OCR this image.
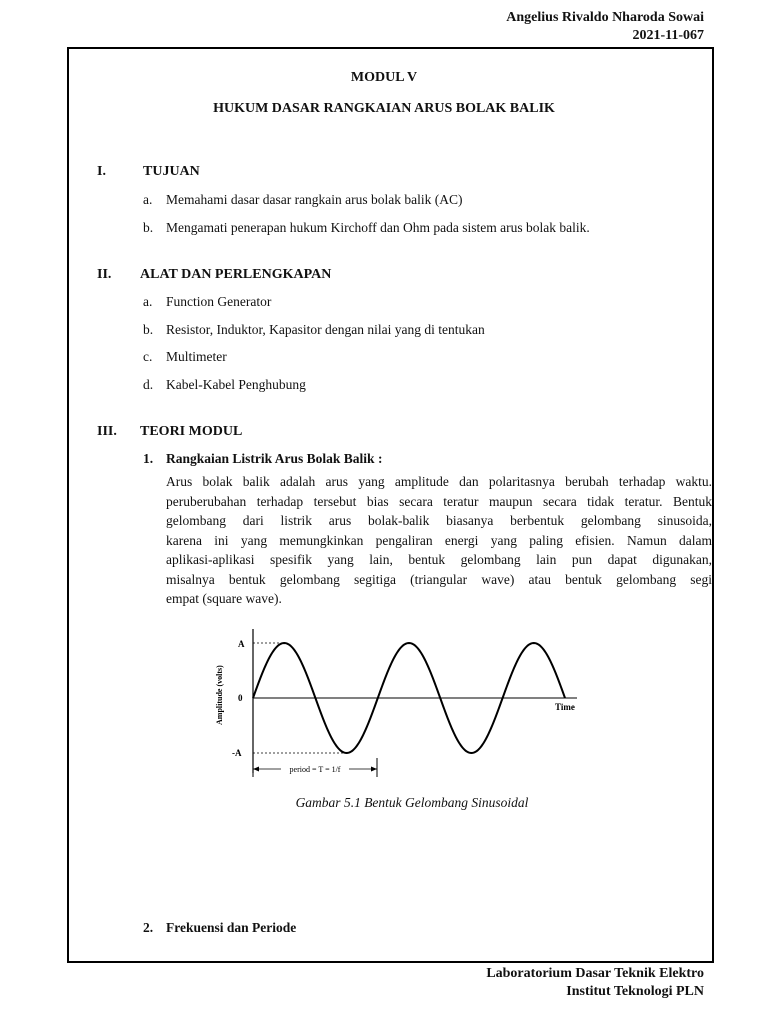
Angelius Rivaldo Nharoda Sowai
2021-11-067
MODUL V
HUKUM DASAR RANGKAIAN ARUS BOLAK BALIK
I.	TUJUAN
a. Memahami dasar dasar rangkain arus bolak balik (AC)
b. Mengamati penerapan hukum Kirchoff dan Ohm pada sistem arus bolak balik.
II. ALAT DAN PERLENGKAPAN
a. Function Generator
b. Resistor, Induktor, Kapasitor dengan nilai yang di tentukan
c. Multimeter
d. Kabel-Kabel Penghubung
III. TEORI MODUL
1. Rangkaian Listrik Arus Bolak Balik :
Arus bolak balik adalah arus yang amplitude dan polaritasnya berubah terhadap waktu.
peruberubahan terhadap tersebut bias secara teratur maupun secara tidak teratur. Bentuk
gelombang dari listrik arus bolak-balik biasanya berbentuk gelombang sinusoida,
karena ini yang memungkinkan pengaliran energi yang paling efisien. Namun dalam
aplikasi-aplikasi spesifik yang lain, bentuk gelombang lain pun dapat digunakan,
misalnya bentuk gelombang segitiga (triangular wave) atau bentuk gelombang segi
empat (square wave).
A
0
-A
Amplitude (volts)	Time
period = T = 1/f
Gambar 5.1 Bentuk Gelombang Sinusoidal
2. Frekuensi dan Periode
Laboratorium Dasar Teknik Elektro
Institut Teknologi PLN
